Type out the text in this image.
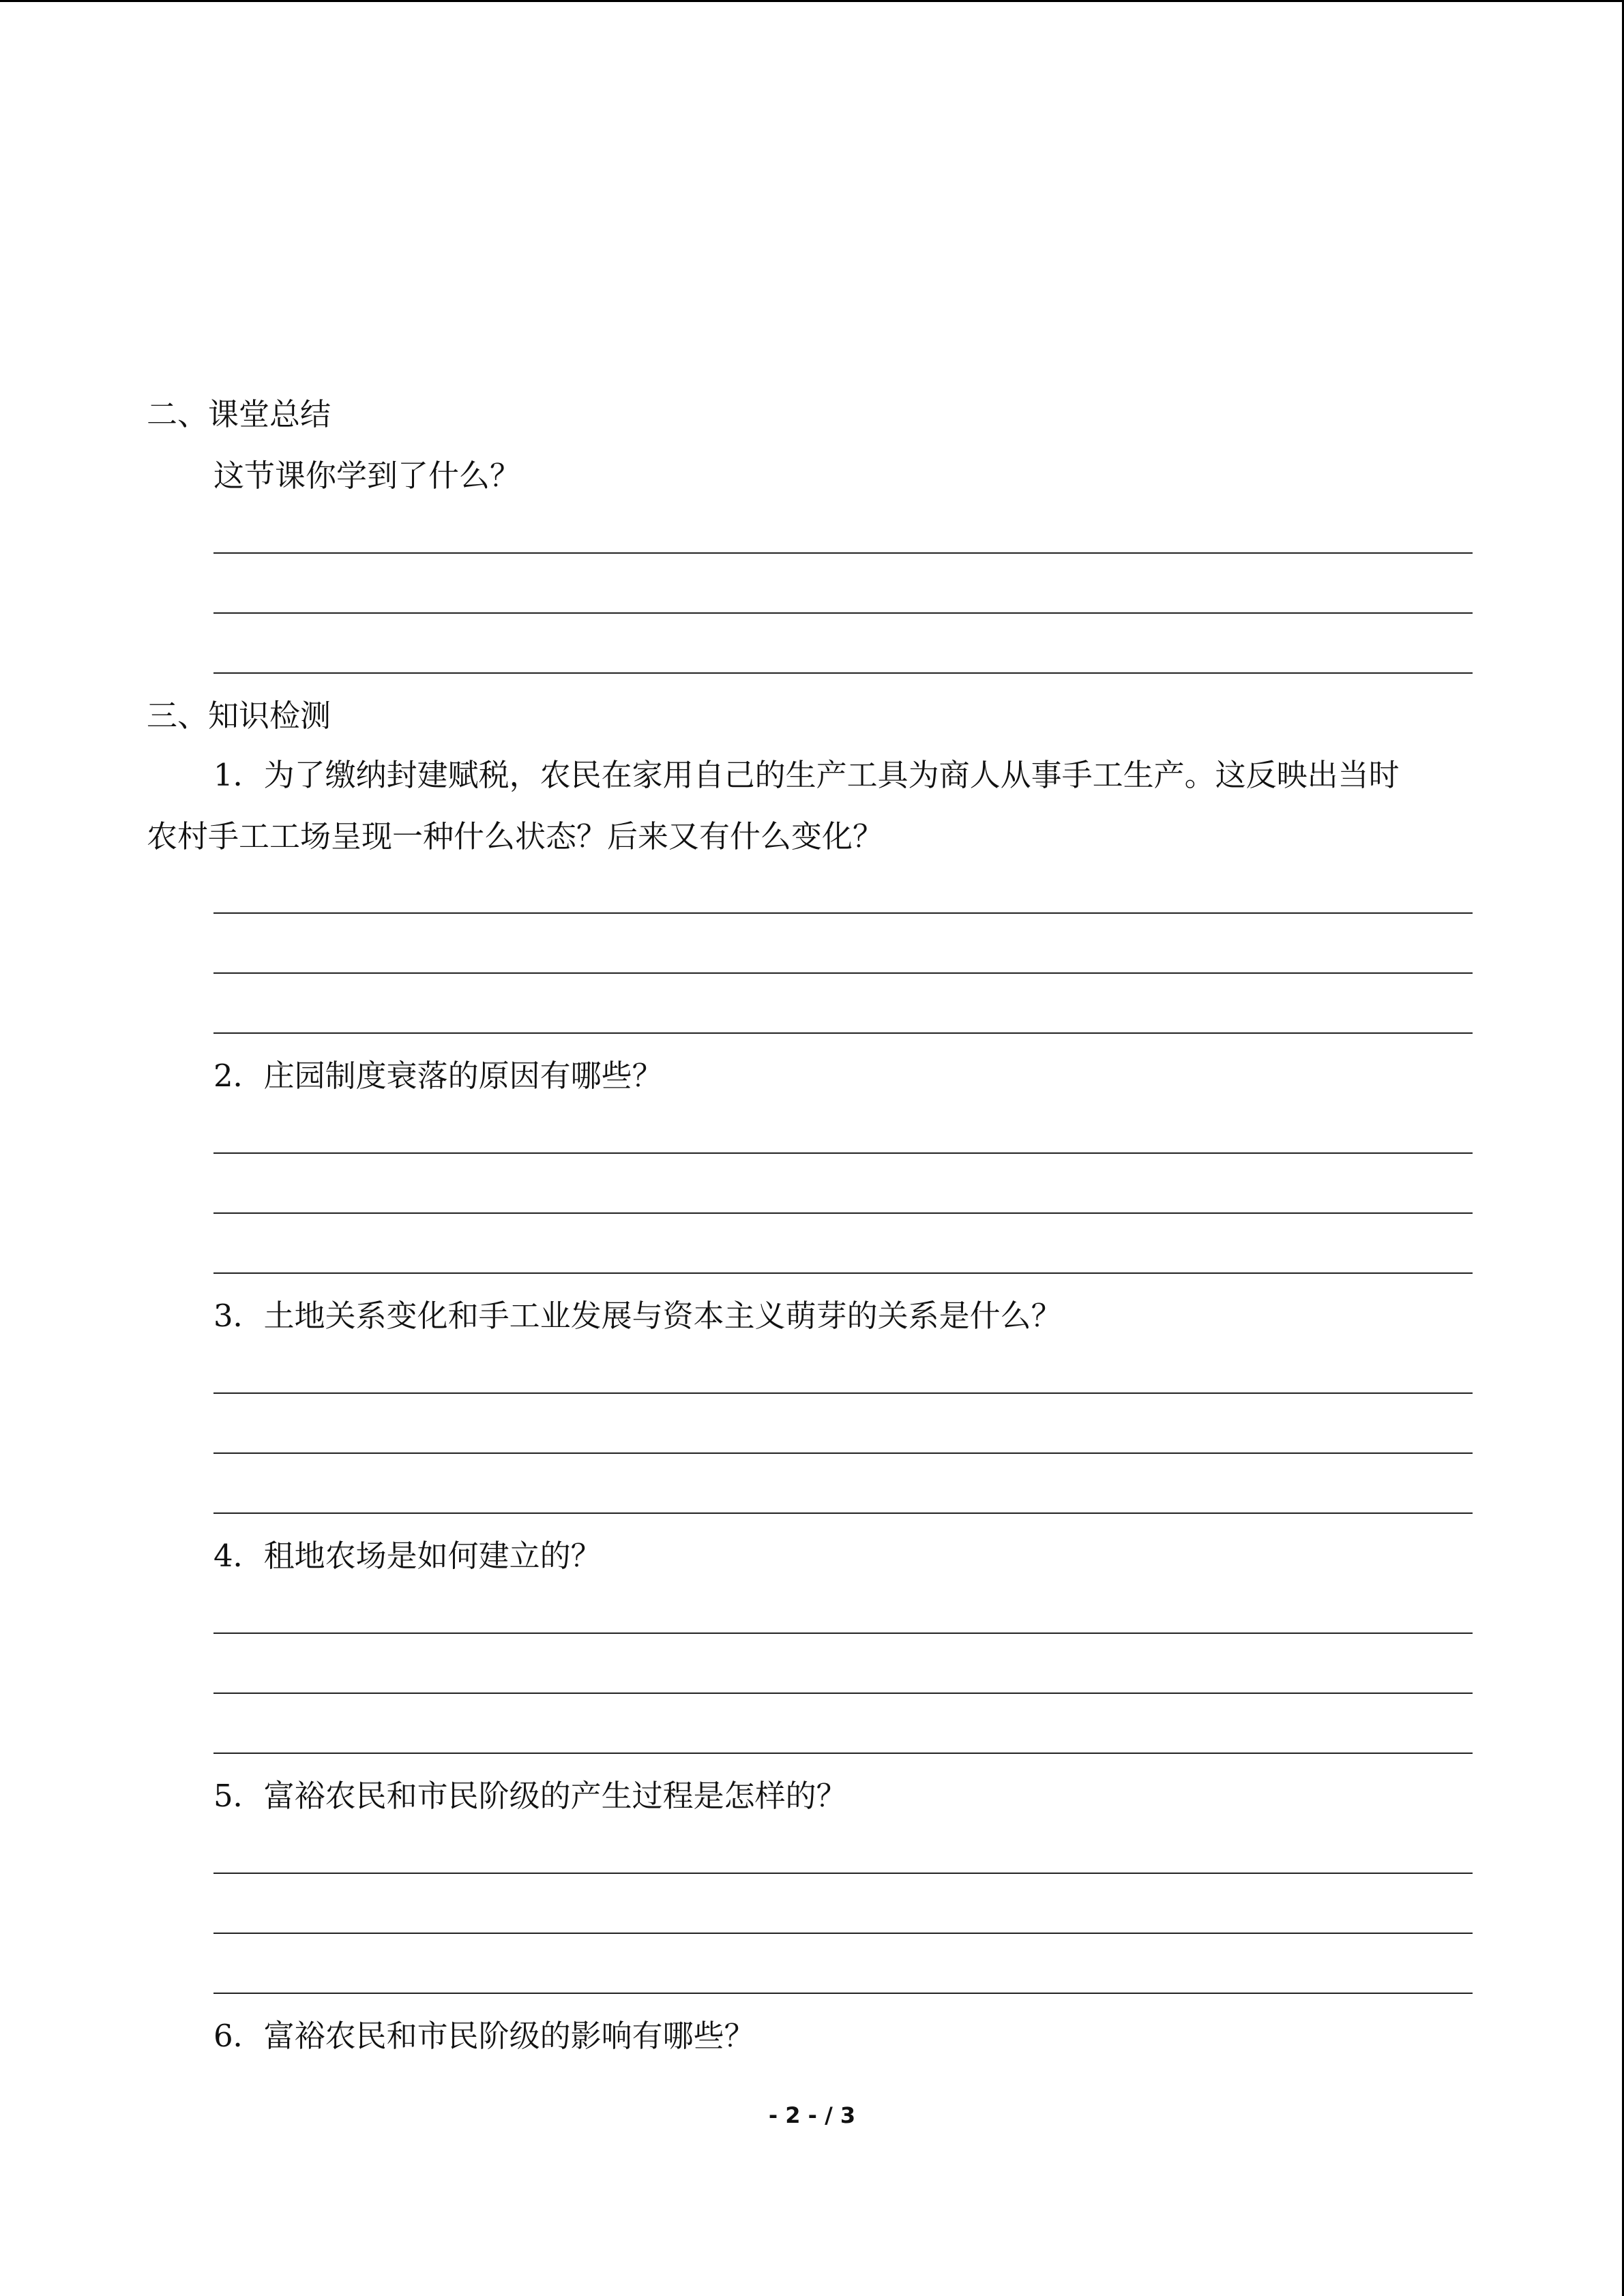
二、课堂总结
这节课你学到了什么？
三、知识检测
1．为了缴纳封建赋税，农民在家用自己的生产工具为商人从事手工生产。这反映出当时
农村手工工场呈现一种什么状态？后来又有什么变化？
2．庄园制度衰落的原因有哪些？
3．土地关系变化和手工业发展与资本主义萌芽的关系是什么？
4．租地农场是如何建立的？
5．富裕农民和市民阶级的产生过程是怎样的？
6．富裕农民和市民阶级的影响有哪些？
- 2 - / 3
